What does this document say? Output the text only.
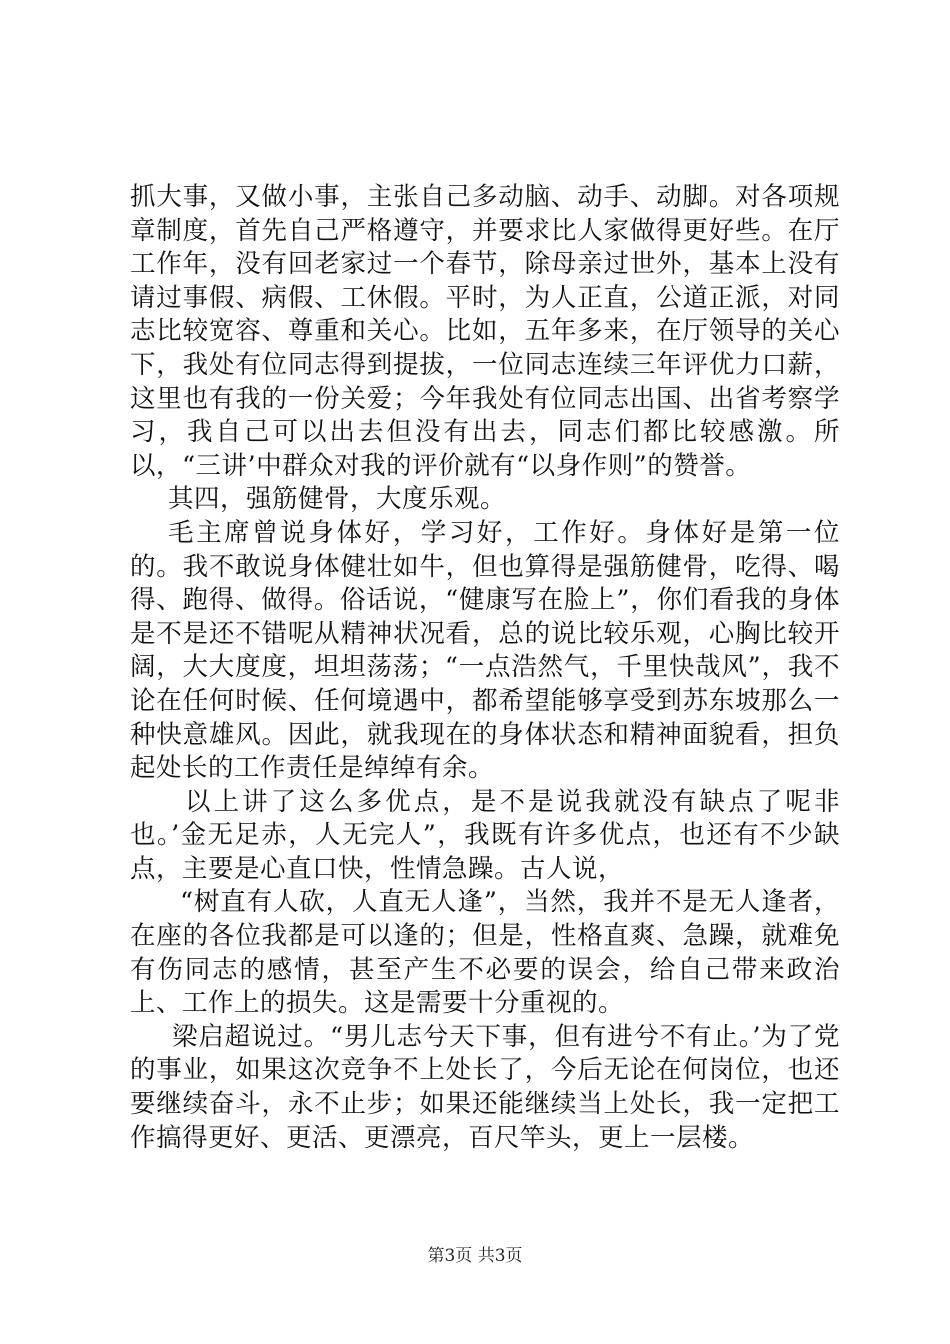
抓大事，又做小事，主张自己多动脑、动手、动脚。对各项规章制度，首先自己严格遵守，并要求比人家做得更好些。在厅工作年，没有回老家过一个春节，除母亲过世外，基本上没有请过事假、病假、工休假。平时，为人正直，公道正派，对同志比较宽容、尊重和关心。比如，五年多来，在厅领导的关心下，我处有位同志得到提拔，一位同志连续三年评优力口薪，这里也有我的一份关爱；今年我处有位同志出国、出省考察学习，我自己可以出去但没有出去，同志们都比较感激。所以，“三讲’中群众对我的评价就有“以身作则”的赞誉。

其四，强筋健骨，大度乐观。

毛主席曾说身体好，学习好，工作好。身体好是第一位的。我不敢说身体健壮如牛，但也算得是强筋健骨，吃得、喝得、跑得、做得。俗话说，“健康写在脸上”，你们看我的身体是不是还不错呢从精神状况看，总的说比较乐观，心胸比较开阔，大大度度，坦坦荡荡；“一点浩然气，千里快哉风”，我不论在任何时候、任何境遇中，都希望能够享受到苏东坡那么一种快意雄风。因此，就我现在的身体状态和精神面貌看，担负起处长的工作责任是绰绰有余。

以上讲了这么多优点，是不是说我就没有缺点了呢非也。’金无足赤，人无完人”，我既有许多优点，也还有不少缺点，主要是心直口快，性情急躁。古人说，

“树直有人砍，人直无人逢”，当然，我并不是无人逢者，在座的各位我都是可以逢的；但是，性格直爽、急躁，就难免有伤同志的感情，甚至产生不必要的误会，给自己带来政治上、工作上的损失。这是需要十分重视的。

梁启超说过。“男儿志兮天下事，但有进兮不有止。’为了党的事业，如果这次竞争不上处长了，今后无论在何岗位，也还要继续奋斗，永不止步；如果还能继续当上处长，我一定把工作搞得更好、更活、更漂亮，百尺竿头，更上一层楼。

第3页 共3页
